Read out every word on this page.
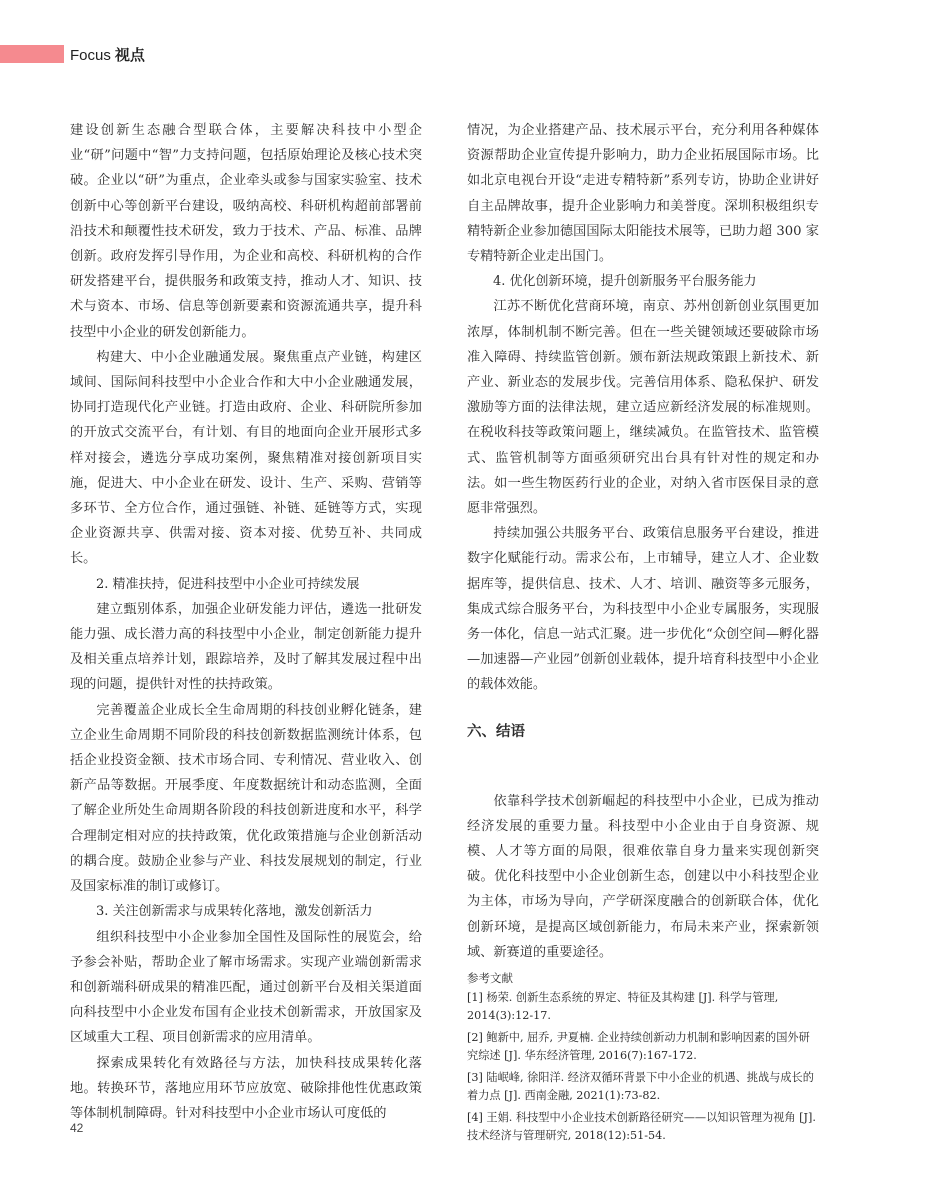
Focus 视点

建设创新生态融合型联合体，主要解决科技中小型企业“研”问题中“智”力支持问题，包括原始理论及核心技术突破。企业以“研”为重点，企业牵头或参与国家实验室、技术创新中心等创新平台建设，吸纳高校、科研机构超前部署前沿技术和颠覆性技术研发，致力于技术、产品、标准、品牌创新。政府发挥引导作用，为企业和高校、科研机构的合作研发搭建平台，提供服务和政策支持，推动人才、知识、技术与资本、市场、信息等创新要素和资源流通共享，提升科技型中小企业的研发创新能力。

构建大、中小企业融通发展。聚焦重点产业链，构建区域间、国际间科技型中小企业合作和大中小企业融通发展，协同打造现代化产业链。打造由政府、企业、科研院所参加的开放式交流平台，有计划、有目的地面向企业开展形式多样对接会，遴选分享成功案例，聚焦精准对接创新项目实施，促进大、中小企业在研发、设计、生产、采购、营销等多环节、全方位合作，通过强链、补链、延链等方式，实现企业资源共享、供需对接、资本对接、优势互补、共同成长。

2. 精准扶持，促进科技型中小企业可持续发展

建立甄别体系，加强企业研发能力评估，遴选一批研发能力强、成长潜力高的科技型中小企业，制定创新能力提升及相关重点培养计划，跟踪培养，及时了解其发展过程中出现的问题，提供针对性的扶持政策。

完善覆盖企业成长全生命周期的科技创业孵化链条，建立企业生命周期不同阶段的科技创新数据监测统计体系，包括企业投资金额、技术市场合同、专利情况、营业收入、创新产品等数据。开展季度、年度数据统计和动态监测，全面了解企业所处生命周期各阶段的科技创新进度和水平，科学合理制定相对应的扶持政策，优化政策措施与企业创新活动的耦合度。鼓励企业参与产业、科技发展规划的制定，行业及国家标准的制订或修订。

3. 关注创新需求与成果转化落地，激发创新活力

组织科技型中小企业参加全国性及国际性的展览会，给予参会补贴，帮助企业了解市场需求。实现产业端创新需求和创新端科研成果的精准匹配，通过创新平台及相关渠道面向科技型中小企业发布国有企业技术创新需求，开放国家及区域重大工程、项目创新需求的应用清单。

探索成果转化有效路径与方法，加快科技成果转化落地。转换环节，落地应用环节应放宽、破除排他性优惠政策等体制机制障碍。针对科技型中小企业市场认可度低的

情况，为企业搭建产品、技术展示平台，充分利用各种媒体资源帮助企业宣传提升影响力，助力企业拓展国际市场。比如北京电视台开设“走进专精特新”系列专访，协助企业讲好自主品牌故事，提升企业影响力和美誉度。深圳积极组织专精特新企业参加德国国际太阳能技术展等，已助力超 300 家专精特新企业走出国门。

4. 优化创新环境，提升创新服务平台服务能力

江苏不断优化营商环境，南京、苏州创新创业氛围更加浓厚，体制机制不断完善。但在一些关键领域还要破除市场准入障碍、持续监管创新。颁布新法规政策跟上新技术、新产业、新业态的发展步伐。完善信用体系、隐私保护、研发激励等方面的法律法规，建立适应新经济发展的标准规则。在税收科技等政策问题上，继续减负。在监管技术、监管模式、监管机制等方面亟须研究出台具有针对性的规定和办法。如一些生物医药行业的企业，对纳入省市医保目录的意愿非常强烈。

持续加强公共服务平台、政策信息服务平台建设，推进数字化赋能行动。需求公布，上市辅导，建立人才、企业数据库等，提供信息、技术、人才、培训、融资等多元服务，集成式综合服务平台，为科技型中小企业专属服务，实现服务一体化，信息一站式汇聚。进一步优化“众创空间—孵化器—加速器—产业园”创新创业载体，提升培育科技型中小企业的载体效能。

六、结语

依靠科学技术创新崛起的科技型中小企业，已成为推动经济发展的重要力量。科技型中小企业由于自身资源、规模、人才等方面的局限，很难依靠自身力量来实现创新突破。优化科技型中小企业创新生态，创建以中小科技型企业为主体，市场为导向，产学研深度融合的创新联合体，优化创新环境，是提高区域创新能力，布局未来产业，探索新领域、新赛道的重要途径。

参考文献

[1] 杨荣. 创新生态系统的界定、特征及其构建 [J]. 科学与管理, 2014(3):12-17.

[2] 鲍新中, 屈乔, 尹夏楠. 企业持续创新动力机制和影响因素的国外研究综述 [J]. 华东经济管理, 2016(7):167-172.

[3] 陆岷峰, 徐阳洋. 经济双循环背景下中小企业的机遇、挑战与成长的着力点 [J]. 西南金融, 2021(1):73-82.

[4] 王娟. 科技型中小企业技术创新路径研究——以知识管理为视角 [J]. 技术经济与管理研究, 2018(12):51-54.

42
